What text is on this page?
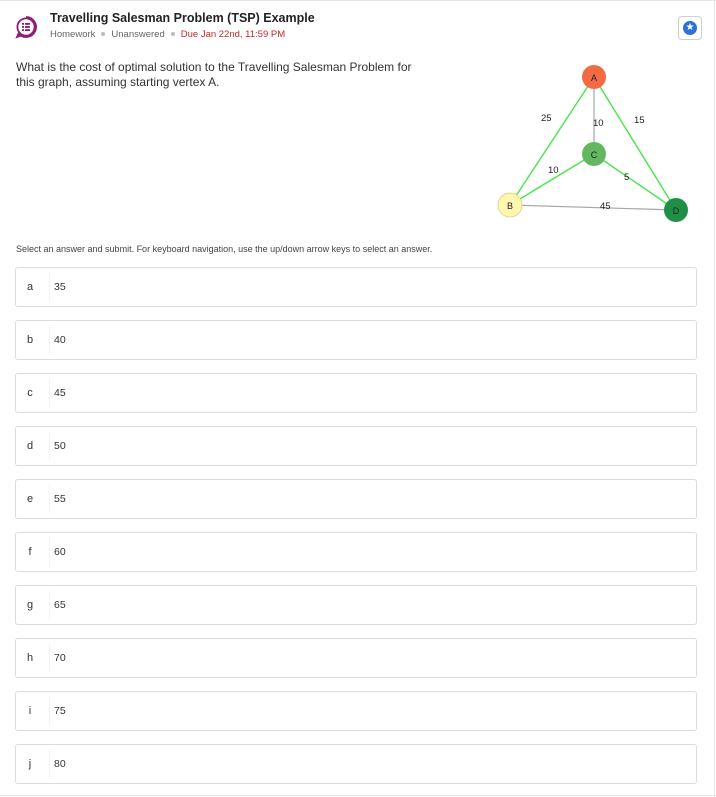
Travelling Salesman Problem (TSP) Example
Homework Unanswered Due Jan 22nd, 11:59 PM
★
What is the cost of optimal solution to the Travelling Salesman Problem for this graph, assuming starting vertex A.
25	10	15
10
5
45
A
B
C
D
Select an answer and submit. For keyboard navigation, use the up/down arrow keys to select an answer.
a	35
b	40
c	45
d	50
e	55
f	60
g	65
h	70
i	75
j	80
